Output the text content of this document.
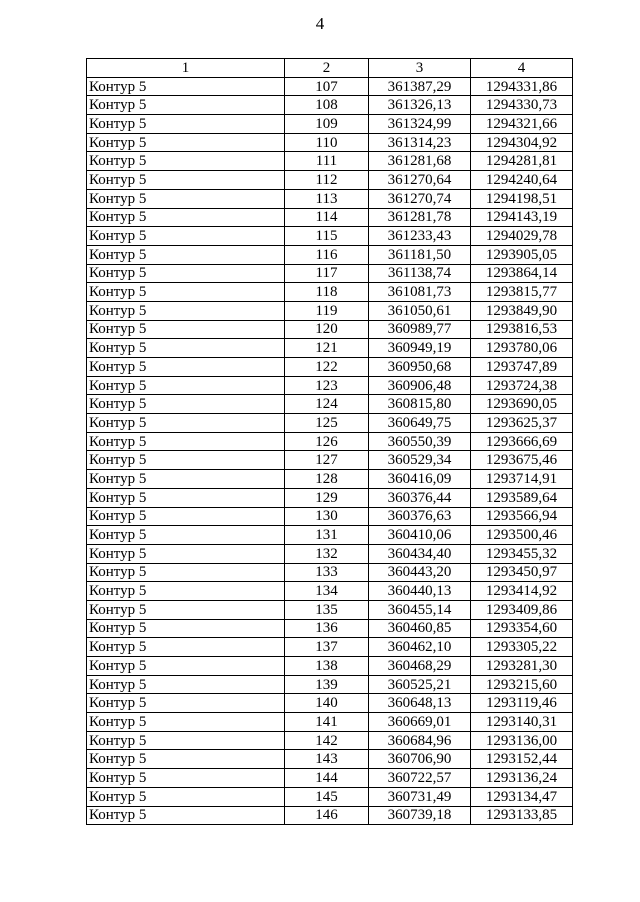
4
1	2	3	4
Контур 5	107	361387,29	1294331,86
Контур 5	108	361326,13	1294330,73
Контур 5	109	361324,99	1294321,66
Контур 5	110	361314,23	1294304,92
Контур 5	111	361281,68	1294281,81
Контур 5	112	361270,64	1294240,64
Контур 5	113	361270,74	1294198,51
Контур 5	114	361281,78	1294143,19
Контур 5	115	361233,43	1294029,78
Контур 5	116	361181,50	1293905,05
Контур 5	117	361138,74	1293864,14
Контур 5	118	361081,73	1293815,77
Контур 5	119	361050,61	1293849,90
Контур 5	120	360989,77	1293816,53
Контур 5	121	360949,19	1293780,06
Контур 5	122	360950,68	1293747,89
Контур 5	123	360906,48	1293724,38
Контур 5	124	360815,80	1293690,05
Контур 5	125	360649,75	1293625,37
Контур 5	126	360550,39	1293666,69
Контур 5	127	360529,34	1293675,46
Контур 5	128	360416,09	1293714,91
Контур 5	129	360376,44	1293589,64
Контур 5	130	360376,63	1293566,94
Контур 5	131	360410,06	1293500,46
Контур 5	132	360434,40	1293455,32
Контур 5	133	360443,20	1293450,97
Контур 5	134	360440,13	1293414,92
Контур 5	135	360455,14	1293409,86
Контур 5	136	360460,85	1293354,60
Контур 5	137	360462,10	1293305,22
Контур 5	138	360468,29	1293281,30
Контур 5	139	360525,21	1293215,60
Контур 5	140	360648,13	1293119,46
Контур 5	141	360669,01	1293140,31
Контур 5	142	360684,96	1293136,00
Контур 5	143	360706,90	1293152,44
Контур 5	144	360722,57	1293136,24
Контур 5	145	360731,49	1293134,47
Контур 5	146	360739,18	1293133,85
